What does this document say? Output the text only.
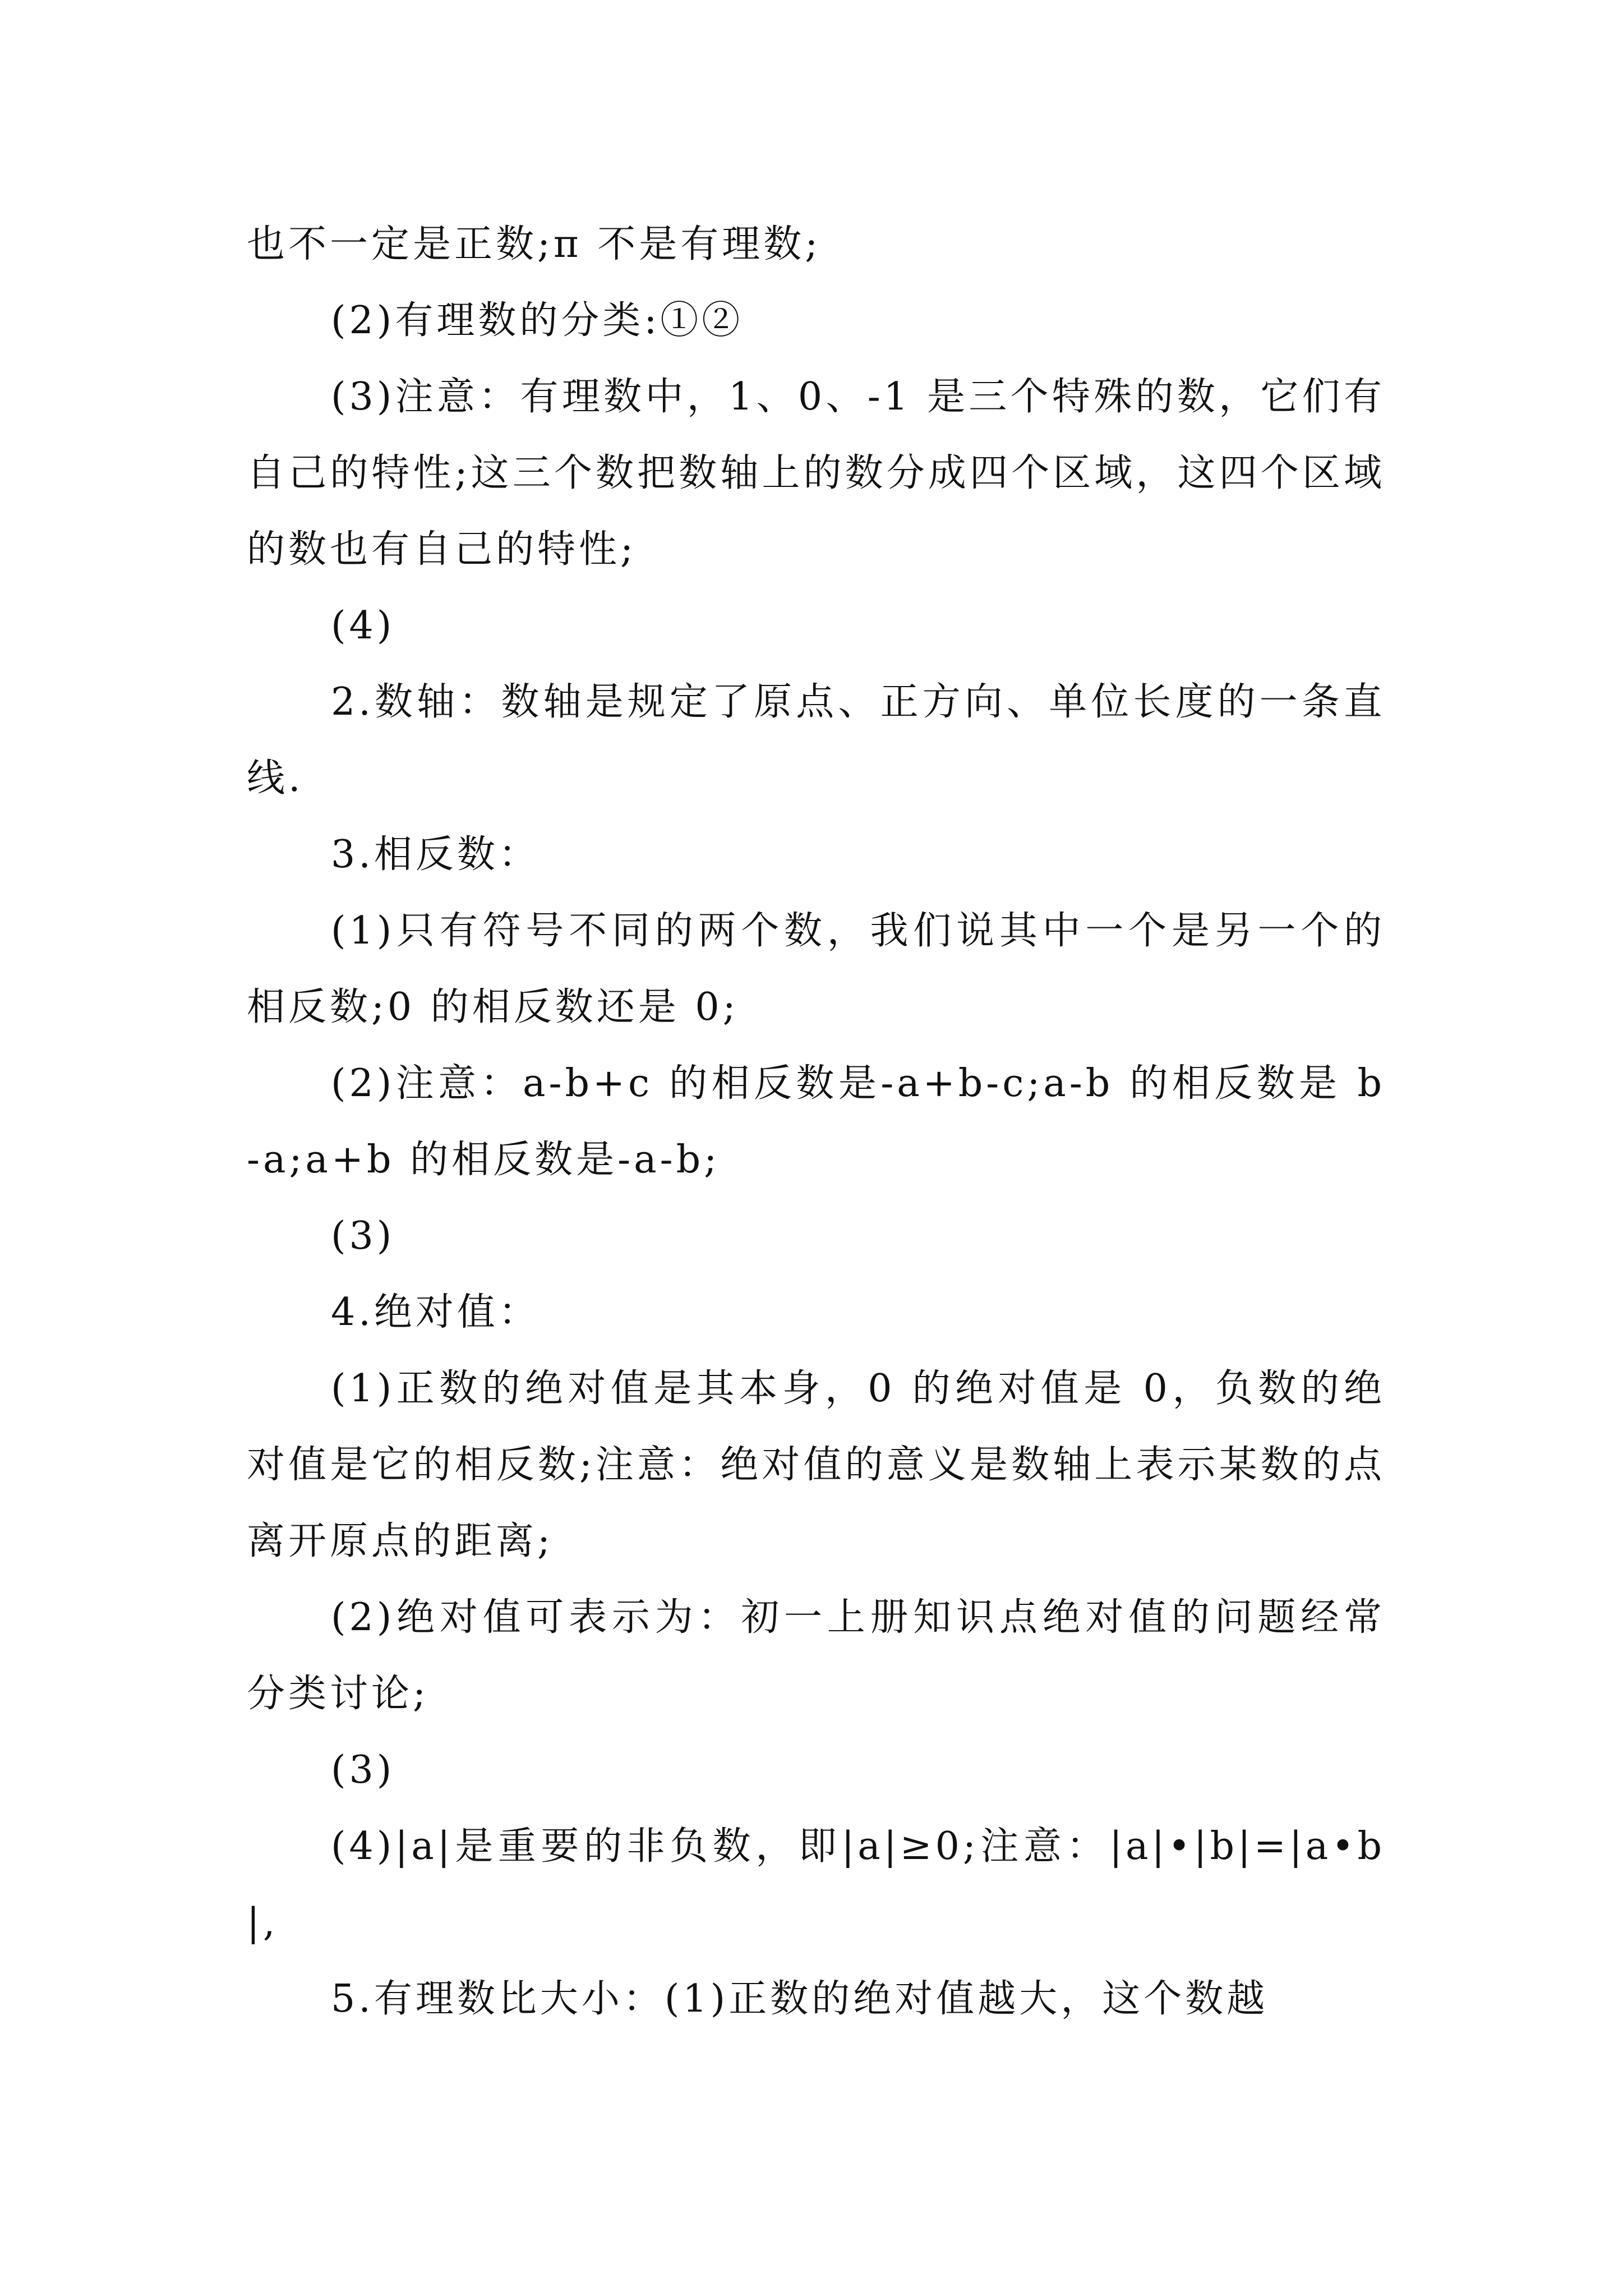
也不一定是正数;π 不是有理数;

(2)有理数的分类:①②

(3)注意：有理数中，1、0、-1 是三个特殊的数，它们有自己的特性;这三个数把数轴上的数分成四个区域，这四个区域的数也有自己的特性;

(4)

2.数轴：数轴是规定了原点、正方向、单位长度的一条直线.

3.相反数：

(1)只有符号不同的两个数，我们说其中一个是另一个的相反数;0 的相反数还是 0;

(2)注意：a-b+c 的相反数是-a+b-c;a-b 的相反数是 b-a;a+b 的相反数是-a-b;

(3)

4.绝对值：

(1)正数的绝对值是其本身，0 的绝对值是 0，负数的绝对值是它的相反数;注意：绝对值的意义是数轴上表示某数的点离开原点的距离;

(2)绝对值可表示为：初一上册知识点绝对值的问题经常分类讨论;

(3)

(4)|a|是重要的非负数，即|a|≥0;注意：|a|•|b|=|a•b|,

5.有理数比大小：(1)正数的绝对值越大，这个数越
